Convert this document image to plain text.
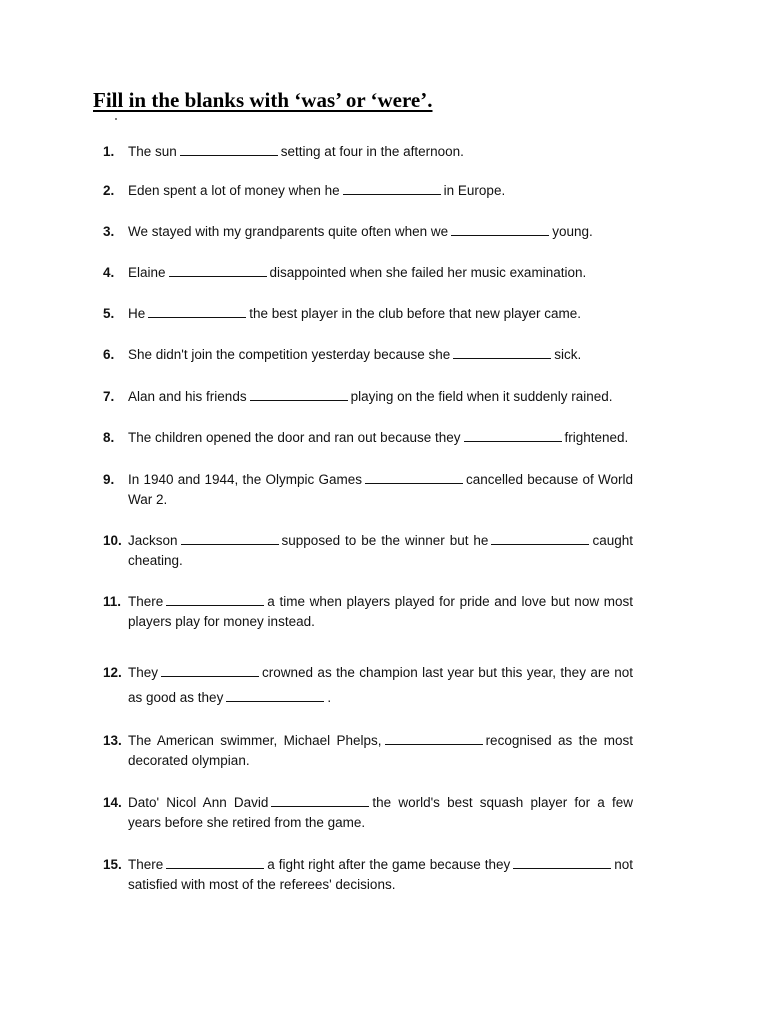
Fill in the blanks with ‘was’ or ‘were’.
1. The sun	setting at four in the afternoon.
2. Eden spent a lot of money when he	in Europe.
3. We stayed with my grandparents quite often when we	young.
4. Elaine	disappointed when she failed her music examination.
5. He	the best player in the club before that new player came.
6. She didn't join the competition yesterday because she	sick.
7. Alan and his friends	playing on the field when it suddenly rained.
8. The children opened the door and ran out because they	frightened.
9. In 1940 and 1944, the Olympic Games	cancelled because of World War 2.
10. Jackson	supposed to be the winner but he	caught cheating.
11. There	a time when players played for pride and love but now most players play for money instead.
12. They	crowned as the champion last year but this year, they are not as good as they	.
13. The American swimmer, Michael Phelps,	recognised as the most decorated olympian.
14. Dato' Nicol Ann David	the world's best squash player for a few years before she retired from the game.
15. There	a fight right after the game because they	not satisfied with most of the referees' decisions.
